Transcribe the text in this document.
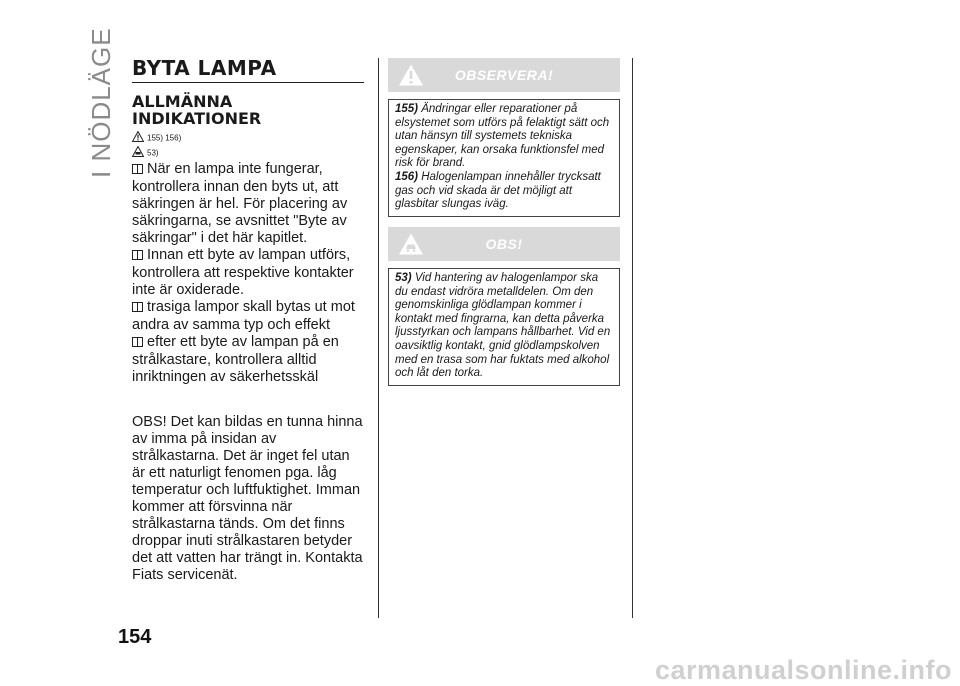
I NÖDLÄGE
154
BYTA LAMPA
ALLMÄNNA INDIKATIONER
155) 156)
53)

När en lampa inte fungerar, kontrollera innan den byts ut, att säkringen är hel. För placering av säkringarna, se avsnittet "Byte av säkringar" i det här kapitlet.

Innan ett byte av lampan utförs, kontrollera att respektive kontakter inte är oxiderade.

trasiga lampor skall bytas ut mot andra av samma typ och effekt

efter ett byte av lampan på en strålkastare, kontrollera alltid inriktningen av säkerhetsskäl

OBS! Det kan bildas en tunna hinna av imma på insidan av strålkastarna. Det är inget fel utan är ett naturligt fenomen pga. låg temperatur och luftfuktighet. Imman kommer att försvinna när strålkastarna tänds. Om det finns droppar inuti strålkastaren betyder det att vatten har trängt in. Kontakta Fiats servicenät.

OBSERVERA!
155) Ändringar eller reparationer på elsystemet som utförs på felaktigt sätt och utan hänsyn till systemets tekniska egenskaper, kan orsaka funktionsfel med risk för brand.
156) Halogenlampan innehåller trycksatt gas och vid skada är det möjligt att glasbitar slungas iväg.
OBS!
53) Vid hantering av halogenlampor ska du endast vidröra metalldelen. Om den genomskinliga glödlampan kommer i kontakt med fingrarna, kan detta påverka ljusstyrkan och lampans hållbarhet. Vid en oavsiktlig kontakt, gnid glödlampskolven med en trasa som har fuktats med alkohol och låt den torka.
carmanualsonline.info
